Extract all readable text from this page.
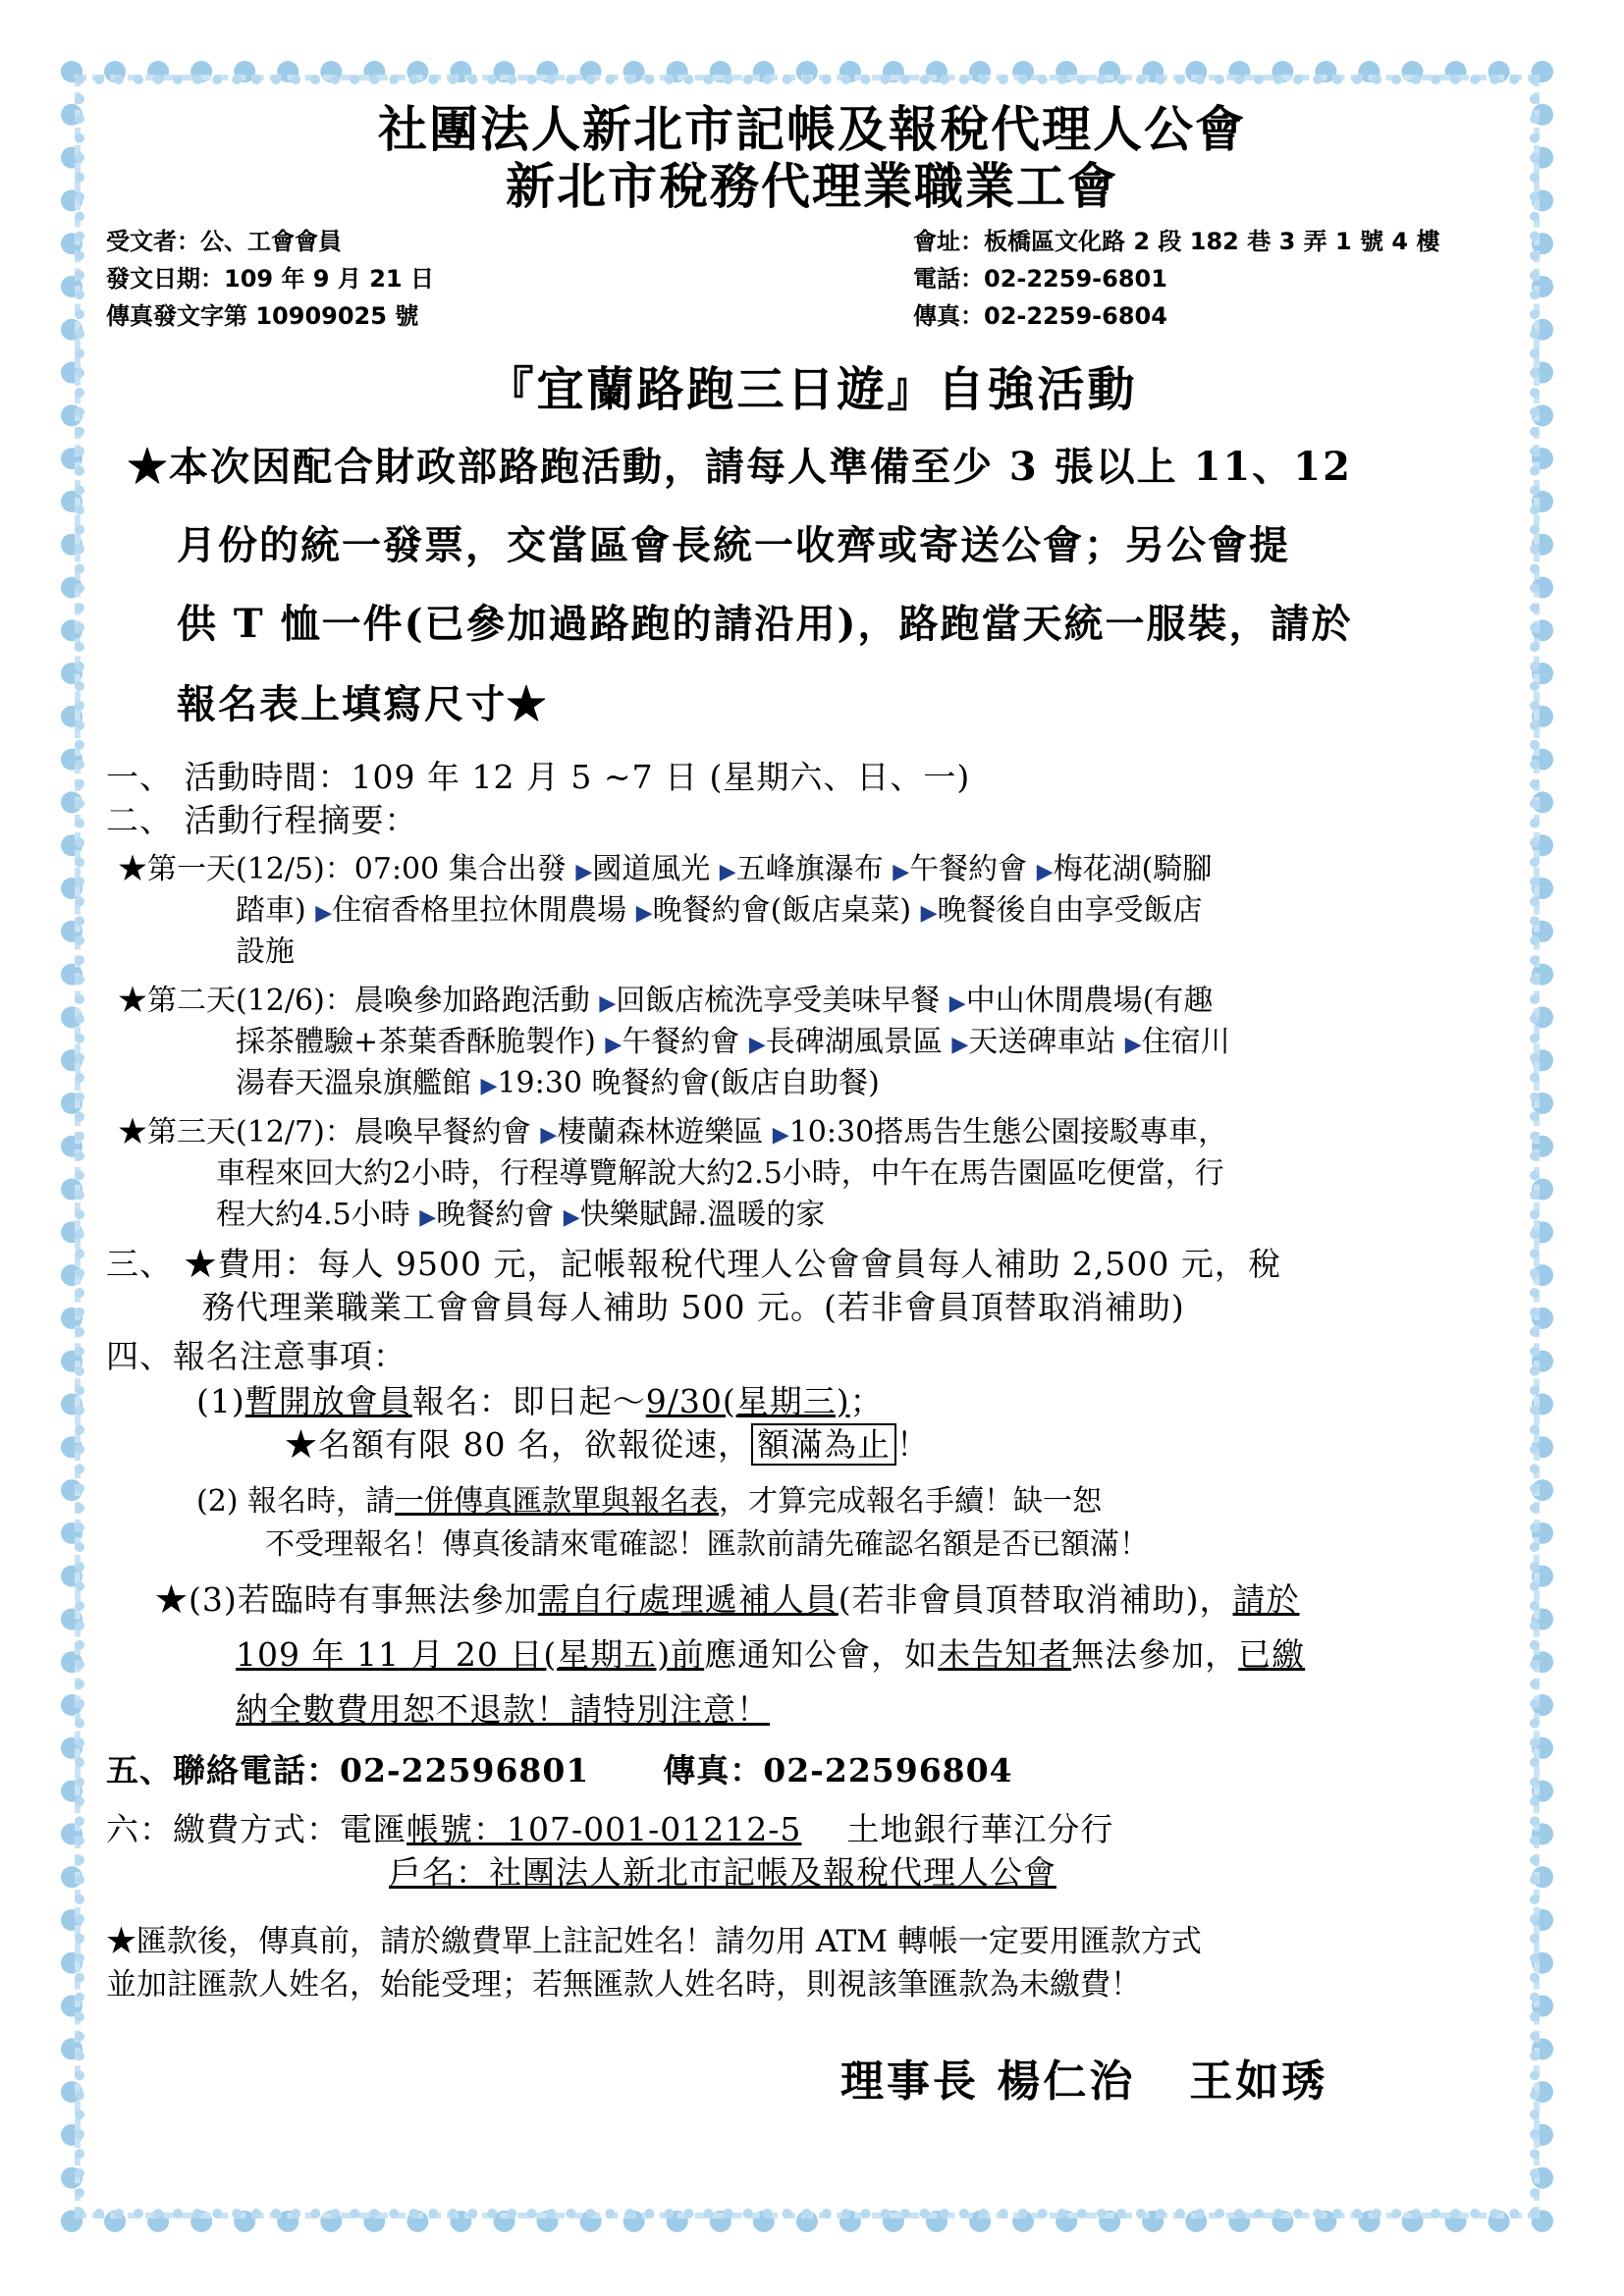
社團法人新北市記帳及報稅代理人公會
新北市稅務代理業職業工會
受文者：公、工會會員
發文日期：109 年 9 月 21 日
傳真發文字第 10909025 號
會址：板橋區文化路 2 段 182 巷 3 弄 1 號 4 樓
電話：02-2259-6801
傳真：02-2259-6804
『宜蘭路跑三日遊』自強活動
★本次因配合財政部路跑活動，請每人準備至少 3 張以上 11、12
月份的統一發票，交當區會長統一收齊或寄送公會；另公會提
供 T 恤一件(已參加過路跑的請沿用)，路跑當天統一服裝，請於
報名表上填寫尺寸★
一、 活動時間：109 年 12 月 5 ~7 日 (星期六、日、一)
二、 活動行程摘要：
★第一天(12/5)：07:00 集合出發 ▶國道風光 ▶五峰旗瀑布 ▶午餐約會 ▶梅花湖(騎腳
踏車) ▶住宿香格里拉休閒農場 ▶晚餐約會(飯店桌菜) ▶晚餐後自由享受飯店
設施
★第二天(12/6)：晨喚參加路跑活動 ▶回飯店梳洗享受美味早餐 ▶中山休閒農場(有趣
採茶體驗+茶葉香酥脆製作) ▶午餐約會 ▶長碑湖風景區 ▶天送碑車站 ▶住宿川
湯春天溫泉旗艦館 ▶19:30 晚餐約會(飯店自助餐)
★第三天(12/7)：晨喚早餐約會 ▶棲蘭森林遊樂區 ▶10:30搭馬告生態公園接駁專車，
車程來回大約2小時，行程導覽解說大約2.5小時，中午在馬告園區吃便當，行
程大約4.5小時 ▶晚餐約會 ▶快樂賦歸.溫暖的家
三、 ★費用：每人 9500 元，記帳報稅代理人公會會員每人補助 2,500 元，稅
務代理業職業工會會員每人補助 500 元。(若非會員頂替取消補助)
四、報名注意事項：
(1)暫開放會員報名：即日起～9/30(星期三)；
★名額有限 80 名，欲報從速， 額滿為止 ！
(2) 報名時，請一併傳真匯款單與報名表，才算完成報名手續！缺一恕
不受理報名！傳真後請來電確認！匯款前請先確認名額是否已額滿！
★(3)若臨時有事無法參加需自行處理遞補人員(若非會員頂替取消補助)，請於
109 年 11 月 20 日(星期五)前應通知公會，如未告知者無法參加，已繳
納全數費用恕不退款！請特別注意！
五、聯絡電話：02-22596801      傳真：02-22596804
六：繳費方式：電匯帳號：107-001-01212-5 土地銀行華江分行
戶名：社團法人新北市記帳及報稅代理人公會
★匯款後，傳真前，請於繳費單上註記姓名！請勿用 ATM 轉帳一定要用匯款方式
並加註匯款人姓名，始能受理；若無匯款人姓名時，則視該筆匯款為未繳費！
理事長 楊仁治   王如琇
